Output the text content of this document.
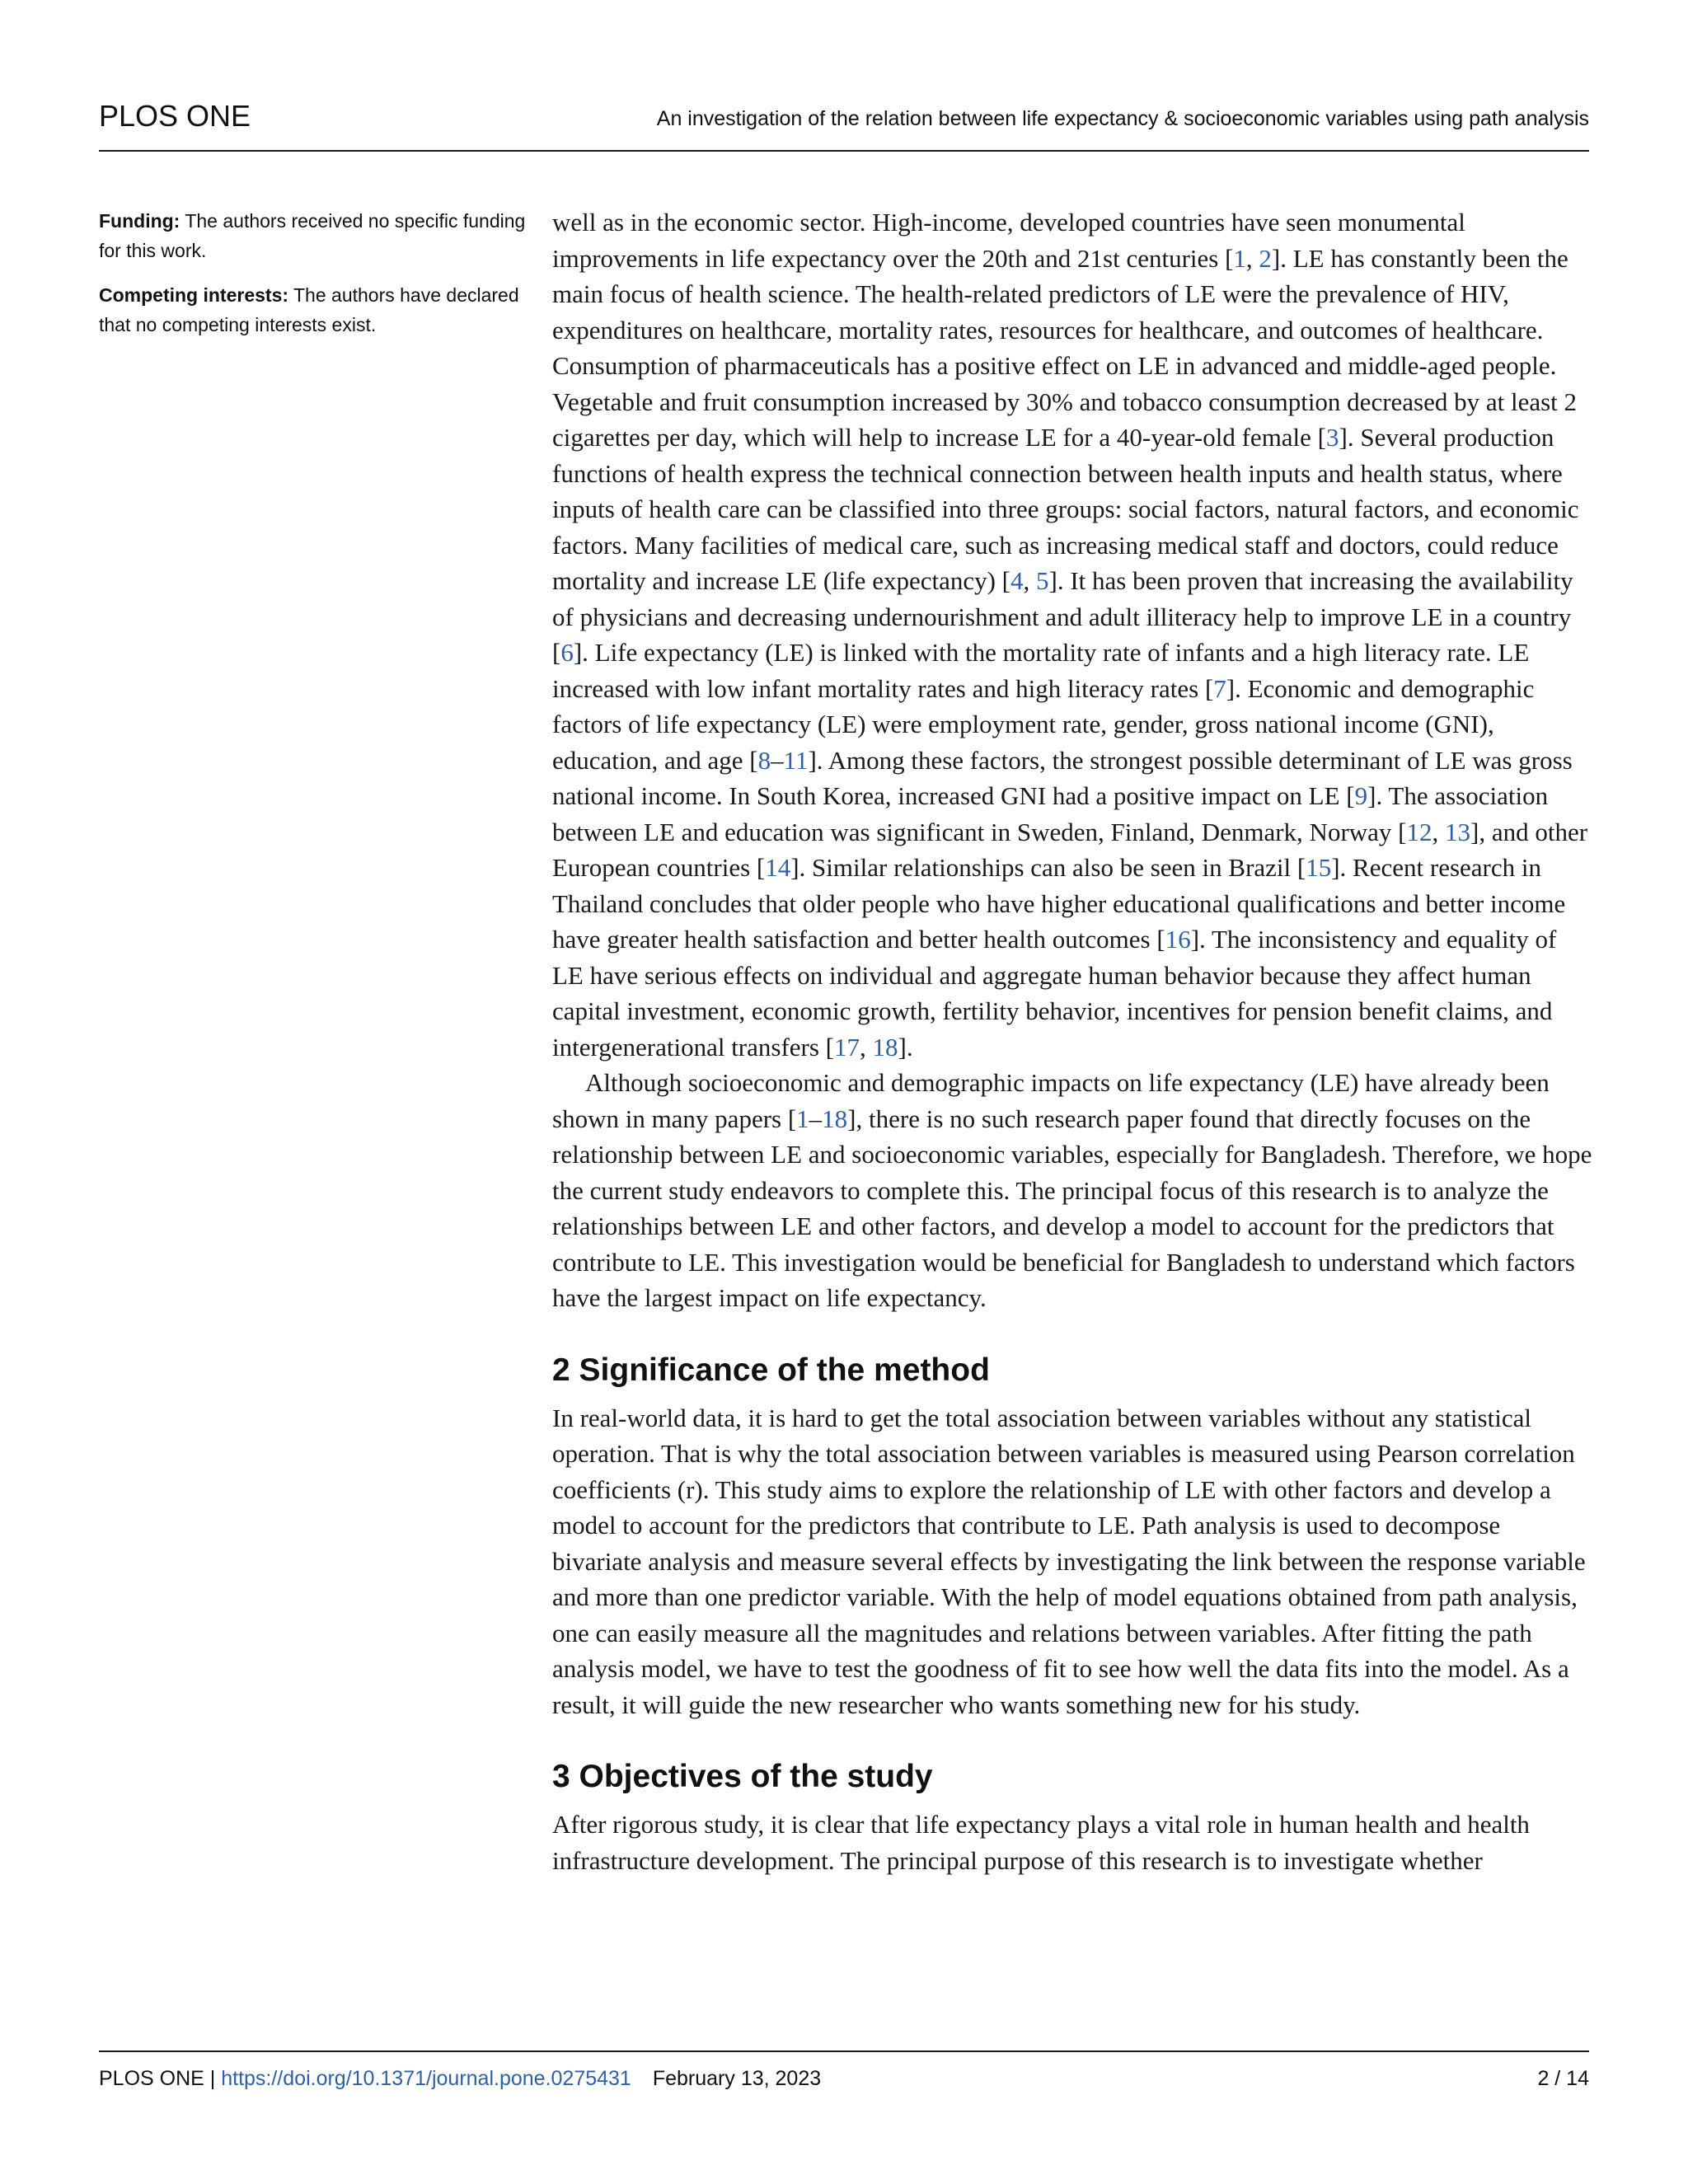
PLOS ONE	An investigation of the relation between life expectancy & socioeconomic variables using path analysis

Funding: The authors received no specific funding for this work.

Competing interests: The authors have declared that no competing interests exist.

well as in the economic sector. High-income, developed countries have seen monumental improvements in life expectancy over the 20th and 21st centuries [1, 2]. LE has constantly been the main focus of health science. The health-related predictors of LE were the prevalence of HIV, expenditures on healthcare, mortality rates, resources for healthcare, and outcomes of healthcare. Consumption of pharmaceuticals has a positive effect on LE in advanced and middle-aged people. Vegetable and fruit consumption increased by 30% and tobacco consumption decreased by at least 2 cigarettes per day, which will help to increase LE for a 40-year-old female [3]. Several production functions of health express the technical connection between health inputs and health status, where inputs of health care can be classified into three groups: social factors, natural factors, and economic factors. Many facilities of medical care, such as increasing medical staff and doctors, could reduce mortality and increase LE (life expectancy) [4, 5]. It has been proven that increasing the availability of physicians and decreasing undernourishment and adult illiteracy help to improve LE in a country [6]. Life expectancy (LE) is linked with the mortality rate of infants and a high literacy rate. LE increased with low infant mortality rates and high literacy rates [7]. Economic and demographic factors of life expectancy (LE) were employment rate, gender, gross national income (GNI), education, and age [8–11]. Among these factors, the strongest possible determinant of LE was gross national income. In South Korea, increased GNI had a positive impact on LE [9]. The association between LE and education was significant in Sweden, Finland, Denmark, Norway [12, 13], and other European countries [14]. Similar relationships can also be seen in Brazil [15]. Recent research in Thailand concludes that older people who have higher educational qualifications and better income have greater health satisfaction and better health outcomes [16]. The inconsistency and equality of LE have serious effects on individual and aggregate human behavior because they affect human capital investment, economic growth, fertility behavior, incentives for pension benefit claims, and intergenerational transfers [17, 18].

Although socioeconomic and demographic impacts on life expectancy (LE) have already been shown in many papers [1–18], there is no such research paper found that directly focuses on the relationship between LE and socioeconomic variables, especially for Bangladesh. Therefore, we hope the current study endeavors to complete this. The principal focus of this research is to analyze the relationships between LE and other factors, and develop a model to account for the predictors that contribute to LE. This investigation would be beneficial for Bangladesh to understand which factors have the largest impact on life expectancy.

2 Significance of the method

In real-world data, it is hard to get the total association between variables without any statistical operation. That is why the total association between variables is measured using Pearson correlation coefficients (r). This study aims to explore the relationship of LE with other factors and develop a model to account for the predictors that contribute to LE. Path analysis is used to decompose bivariate analysis and measure several effects by investigating the link between the response variable and more than one predictor variable. With the help of model equations obtained from path analysis, one can easily measure all the magnitudes and relations between variables. After fitting the path analysis model, we have to test the goodness of fit to see how well the data fits into the model. As a result, it will guide the new researcher who wants something new for his study.

3 Objectives of the study

After rigorous study, it is clear that life expectancy plays a vital role in human health and health infrastructure development. The principal purpose of this research is to investigate whether

PLOS ONE | https://doi.org/10.1371/journal.pone.0275431 February 13, 2023	2 / 14
